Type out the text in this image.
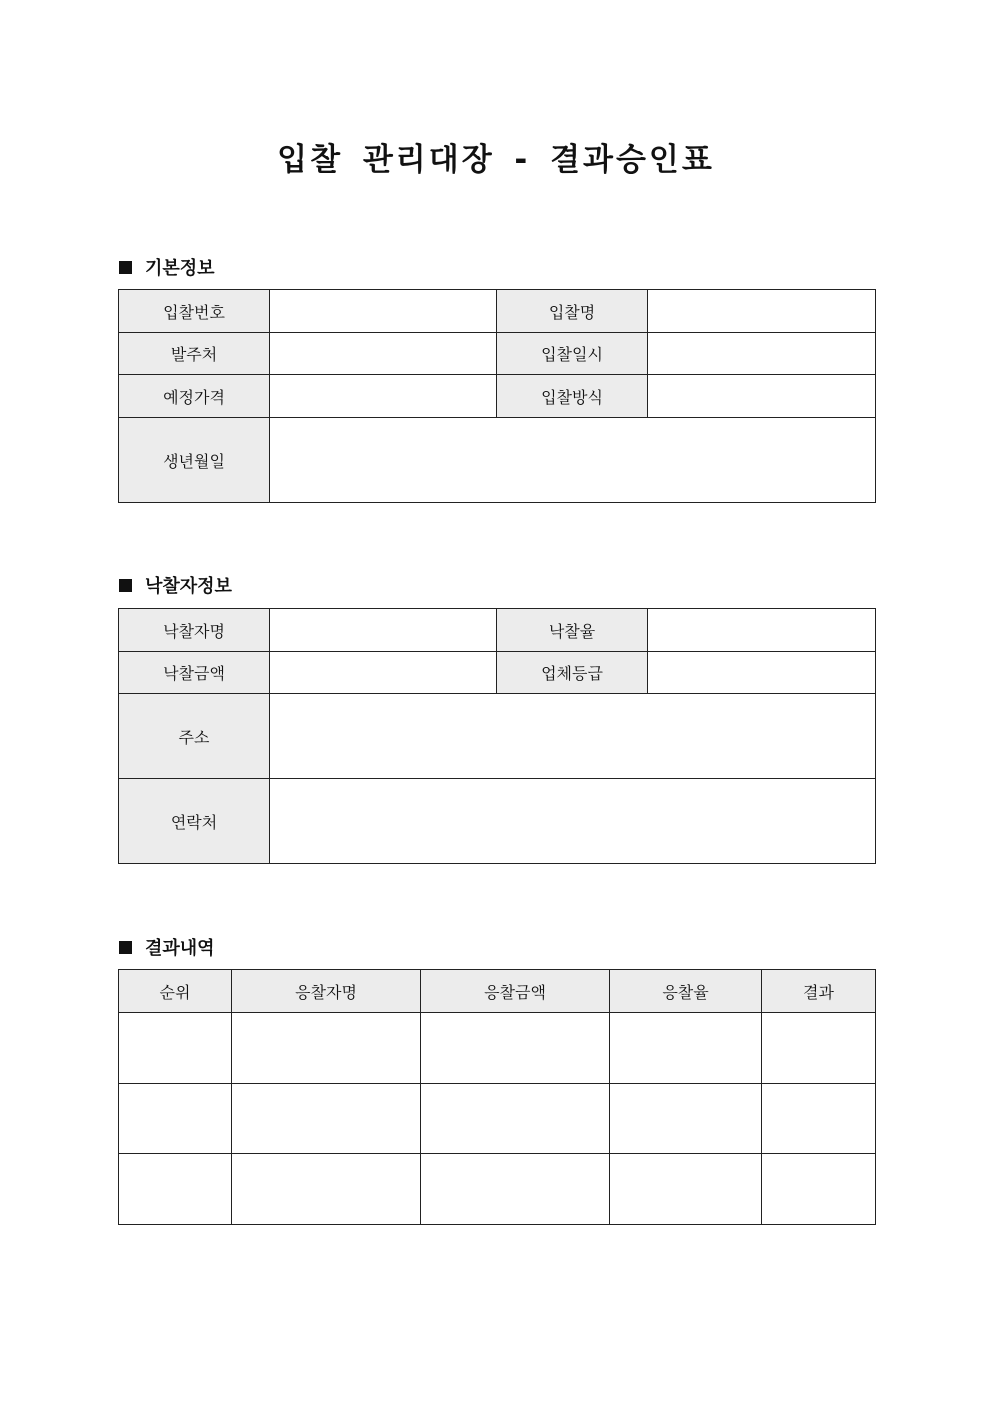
입찰 관리대장 - 결과승인표
기본정보
입찰번호		입찰명	
발주처		입찰일시	
예정가격		입찰방식	
생년월일			
낙찰자정보
낙찰자명		낙찰율	
낙찰금액		업체등급	
주소			
연락처			
결과내역
순위	응찰자명	응찰금액	응찰율	결과
